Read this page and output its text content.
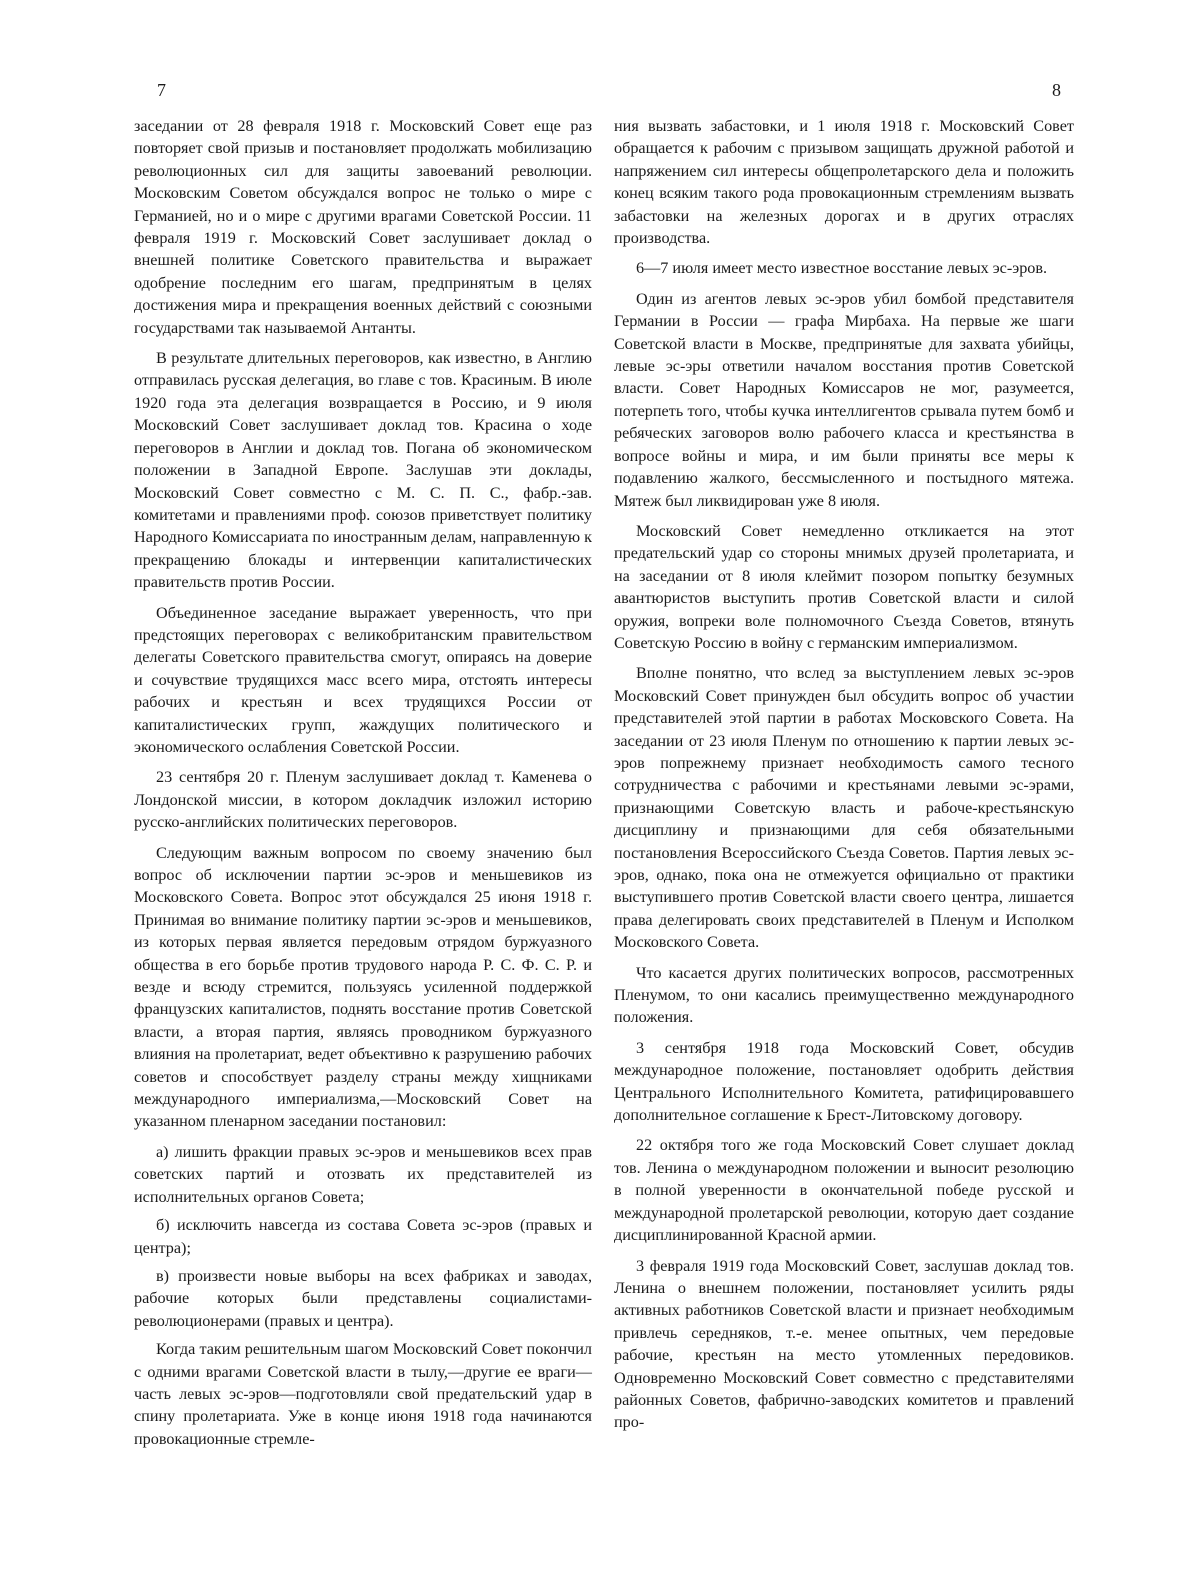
7	8

заседании от 28 февраля 1918 г. Московский Совет еще раз повторяет свой призыв и постановляет продолжать мобилизацию революционных сил для защиты завоеваний революции. Московским Советом обсуждался вопрос не только о мире с Германией, но и о мире с другими врагами Советской России. 11 февраля 1919 г. Московский Совет заслушивает доклад о внешней политике Советского правительства и выражает одобрение последним его шагам, предпринятым в целях достижения мира и прекращения военных действий с союзными государствами так называемой Антанты.

В результате длительных переговоров, как известно, в Англию отправилась русская делегация, во главе с тов. Красиным. В июле 1920 года эта делегация возвращается в Россию, и 9 июля Московский Совет заслушивает доклад тов. Красина о ходе переговоров в Англии и доклад тов. Погана об экономическом положении в Западной Европе. Заслушав эти доклады, Московский Совет совместно с М. С. П. С., фабр.-зав. комитетами и правлениями проф. союзов приветствует политику Народного Комиссариата по иностранным делам, направленную к прекращению блокады и интервенции капиталистических правительств против России.

Объединенное заседание выражает уверенность, что при предстоящих переговорах с великобританским правительством делегаты Советского правительства смогут, опираясь на доверие и сочувствие трудящихся масс всего мира, отстоять интересы рабочих и крестьян и всех трудящихся России от капиталистических групп, жаждущих политического и экономического ослабления Советской России.

23 сентября 20 г. Пленум заслушивает доклад т. Каменева о Лондонской миссии, в котором докладчик изложил историю русско-английских политических переговоров.

Следующим важным вопросом по своему значению был вопрос об исключении партии эс-эров и меньшевиков из Московского Совета. Вопрос этот обсуждался 25 июня 1918 г. Принимая во внимание политику партии эс-эров и меньшевиков, из которых первая является передовым отрядом буржуазного общества в его борьбе против трудового народа Р. С. Ф. С. Р. и везде и всюду стремится, пользуясь усиленной поддержкой французских капиталистов, поднять восстание против Советской власти, а вторая партия, являясь проводником буржуазного влияния на пролетариат, ведет объективно к разрушению рабочих советов и способствует разделу страны между хищниками международного империализма,—Московский Совет на указанном пленарном заседании постановил:

а) лишить фракции правых эс-эров и меньшевиков всех прав советских партий и отозвать их представителей из исполнительных органов Совета;

б) исключить навсегда из состава Совета эс-эров (правых и центра);

в) произвести новые выборы на всех фабриках и заводах, рабочие которых были представлены социалистами-революционерами (правых и центра).

Когда таким решительным шагом Московский Совет покончил с одними врагами Советской власти в тылу,—другие ее враги—часть левых эс-эров—подготовляли свой предательский удар в спину пролетариата. Уже в конце июня 1918 года начинаются провокационные стремле-

ния вызвать забастовки, и 1 июля 1918 г. Московский Совет обращается к рабочим с призывом защищать дружной работой и напряжением сил интересы общепролетарского дела и положить конец всяким такого рода провокационным стремлениям вызвать забастовки на железных дорогах и в других отраслях производства.

6—7 июля имеет место известное восстание левых эс-эров.

Один из агентов левых эс-эров убил бомбой представителя Германии в России — графа Мирбаха. На первые же шаги Советской власти в Москве, предпринятые для захвата убийцы, левые эс-эры ответили началом восстания против Советской власти. Совет Народных Комиссаров не мог, разумеется, потерпеть того, чтобы кучка интеллигентов срывала путем бомб и ребяческих заговоров волю рабочего класса и крестьянства в вопросе войны и мира, и им были приняты все меры к подавлению жалкого, бессмысленного и постыдного мятежа. Мятеж был ликвидирован уже 8 июля.

Московский Совет немедленно откликается на этот предательский удар со стороны мнимых друзей пролетариата, и на заседании от 8 июля клеймит позором попытку безумных авантюристов выступить против Советской власти и силой оружия, вопреки воле полномочного Съезда Советов, втянуть Советскую Россию в войну с германским империализмом.

Вполне понятно, что вслед за выступлением левых эс-эров Московский Совет принужден был обсудить вопрос об участии представителей этой партии в работах Московского Совета. На заседании от 23 июля Пленум по отношению к партии левых эс-эров попрежнему признает необходимость самого тесного сотрудничества с рабочими и крестьянами левыми эс-эрами, признающими Советскую власть и рабоче-крестьянскую дисциплину и признающими для себя обязательными постановления Всероссийского Съезда Советов. Партия левых эс-эров, однако, пока она не отмежуется официально от практики выступившего против Советской власти своего центра, лишается права делегировать своих представителей в Пленум и Исполком Московского Совета.

Что касается других политических вопросов, рассмотренных Пленумом, то они касались преимущественно международного положения.

3 сентября 1918 года Московский Совет, обсудив международное положение, постановляет одобрить действия Центрального Исполнительного Комитета, ратифицировавшего дополнительное соглашение к Брест-Литовскому договору.

22 октября того же года Московский Совет слушает доклад тов. Ленина о международном положении и выносит резолюцию в полной уверенности в окончательной победе русской и международной пролетарской революции, которую дает создание дисциплинированной Красной армии.

3 февраля 1919 года Московский Совет, заслушав доклад тов. Ленина о внешнем положении, постановляет усилить ряды активных работников Советской власти и признает необходимым привлечь середняков, т.-е. менее опытных, чем передовые рабочие, крестьян на место утомленных передовиков. Одновременно Московский Совет совместно с представителями районных Советов, фабрично-заводских комитетов и правлений про-
